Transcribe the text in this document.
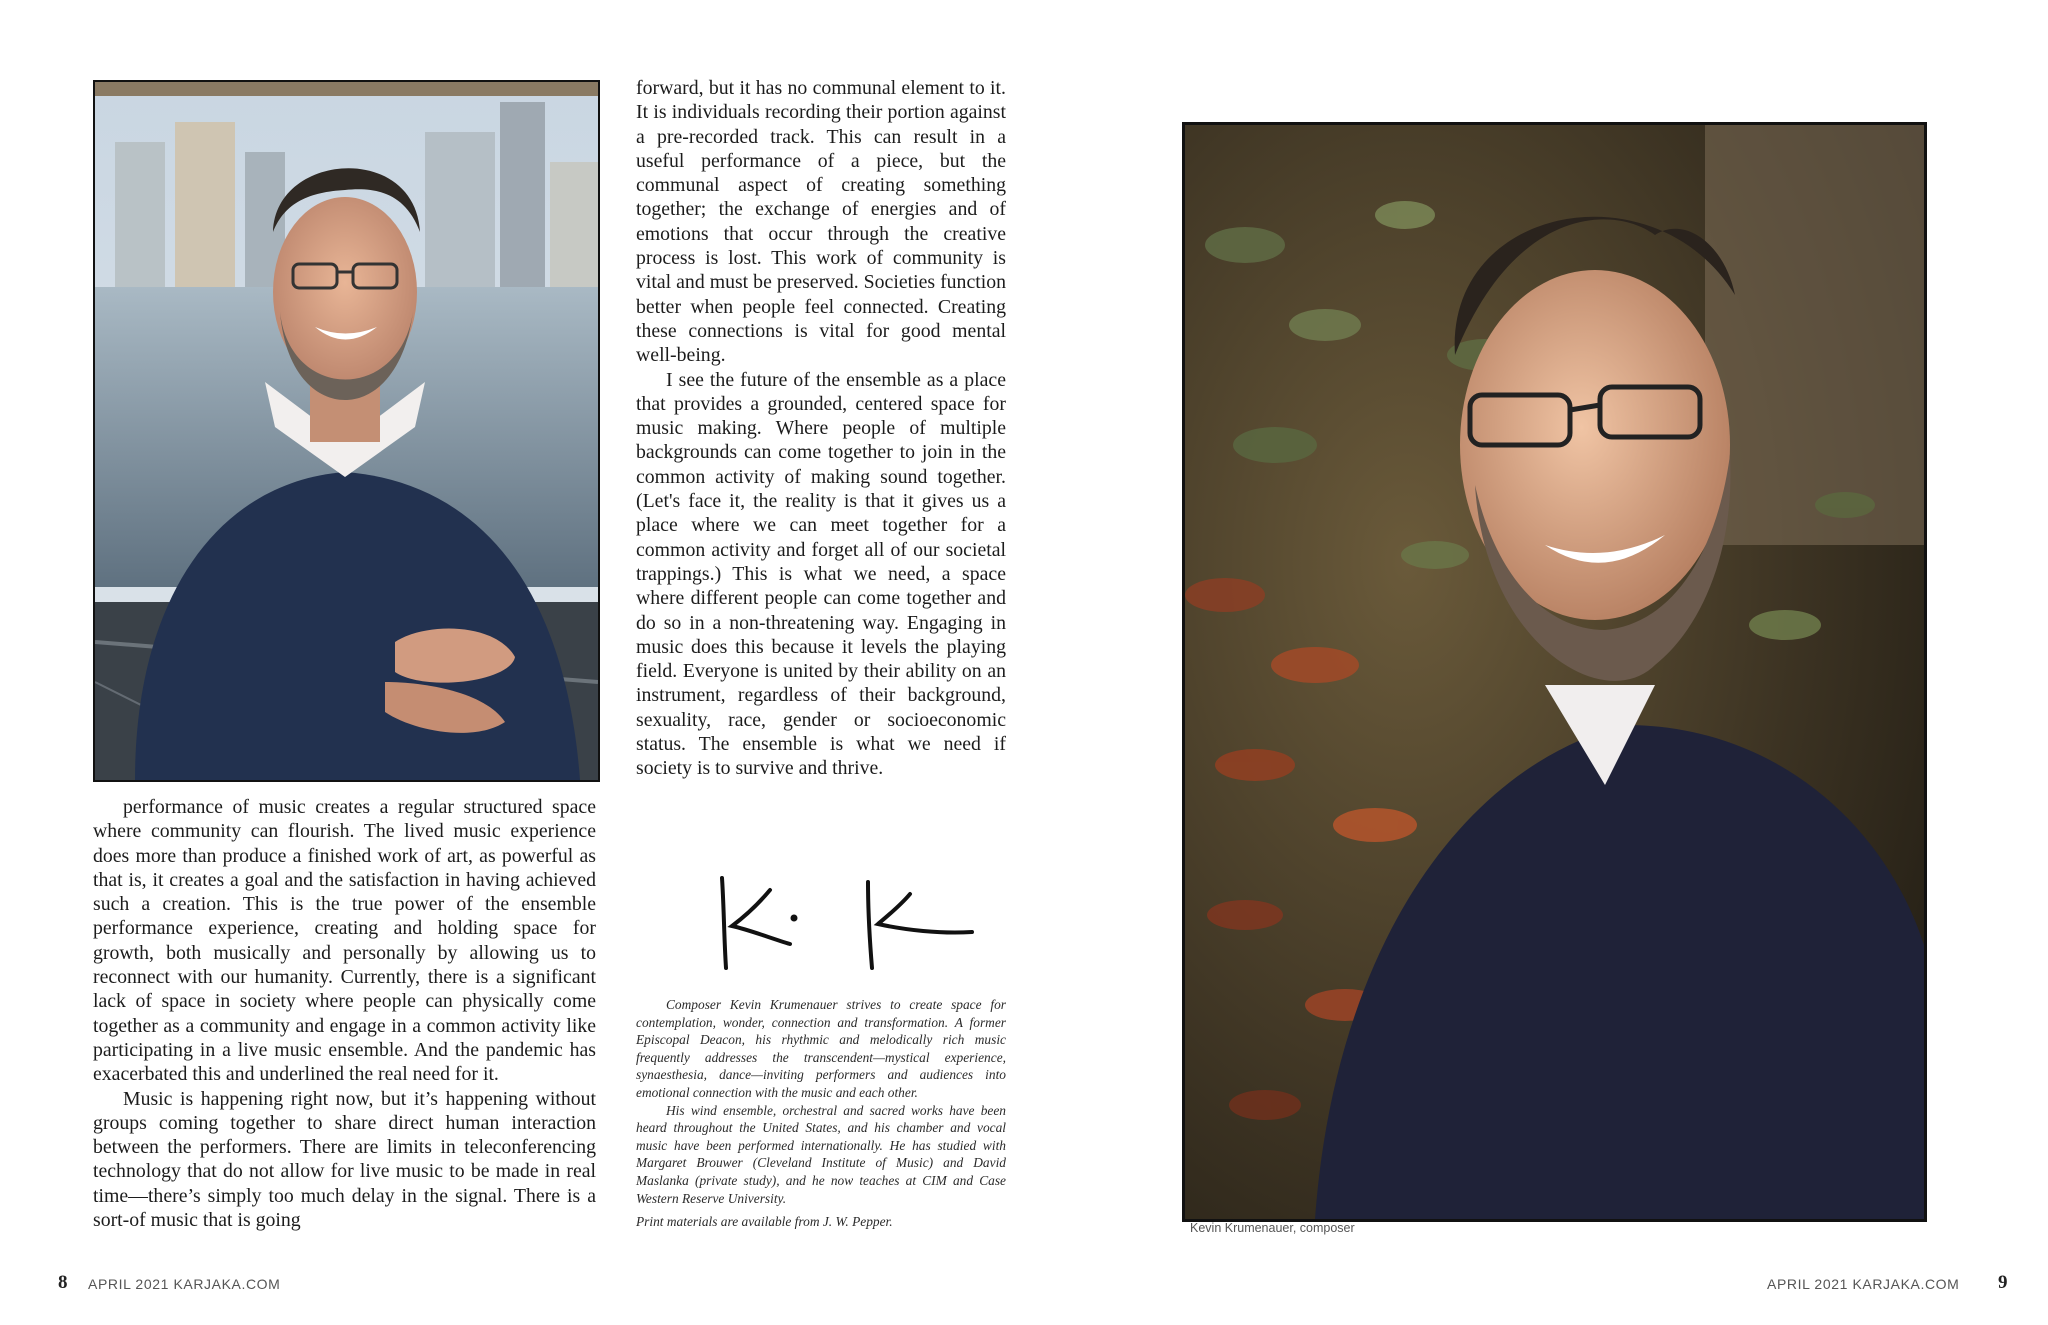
performance of music creates a regular structured space where community can flourish. The lived music experience does more than produce a finished work of art, as powerful as that is, it creates a goal and the satisfaction in having achieved such a creation. This is the true power of the ensemble performance experience, creating and holding space for growth, both musically and personally by allowing us to reconnect with our humanity. Currently, there is a significant lack of space in society where people can physically come together as a community and engage in a common activity like participating in a live music ensemble. And the pandemic has exacerbated this and underlined the real need for it.

Music is happening right now, but it’s happening without groups coming together to share direct human interaction between the performers. There are limits in teleconferencing technology that do not allow for live music to be made in real time—there’s simply too much delay in the signal. There is a sort-of music that is going

forward, but it has no communal element to it. It is individuals recording their portion against a pre-recorded track. This can result in a useful performance of a piece, but the communal aspect of creating something together; the exchange of energies and of emotions that occur through the creative process is lost. This work of community is vital and must be preserved. Societies function better when people feel connected. Creating these connections is vital for good mental well-being.

I see the future of the ensemble as a place that provides a grounded, centered space for music making. Where people of multiple backgrounds can come together to join in the common activity of making sound together. (Let's face it, the reality is that it gives us a place where we can meet together for a common activity and forget all of our societal trappings.) This is what we need, a space where different people can come together and do so in a non-threatening way. Engaging in music does this because it levels the playing field. Everyone is united by their ability on an instrument, regardless of their background, sexuality, race, gender or socioeconomic status. The ensemble is what we need if society is to survive and thrive.

Composer Kevin Krumenauer strives to create space for contemplation, wonder, connection and transformation. A former Episcopal Deacon, his rhythmic and melodically rich music frequently addresses the transcendent—mystical experience, synaesthesia, dance—inviting performers and audiences into emotional connection with the music and each other.

His wind ensemble, orchestral and sacred works have been heard throughout the United States, and his chamber and vocal music have been performed internationally. He has studied with Margaret Brouwer (Cleveland Institute of Music) and David Maslanka (private study), and he now teaches at CIM and Case Western Reserve University.

Print materials are available from J. W. Pepper.	Kevin Krumenauer, composer
8 APRIL 2021 KARJAKA.COM	APRIL 2021 KARJAKA.COM 9
